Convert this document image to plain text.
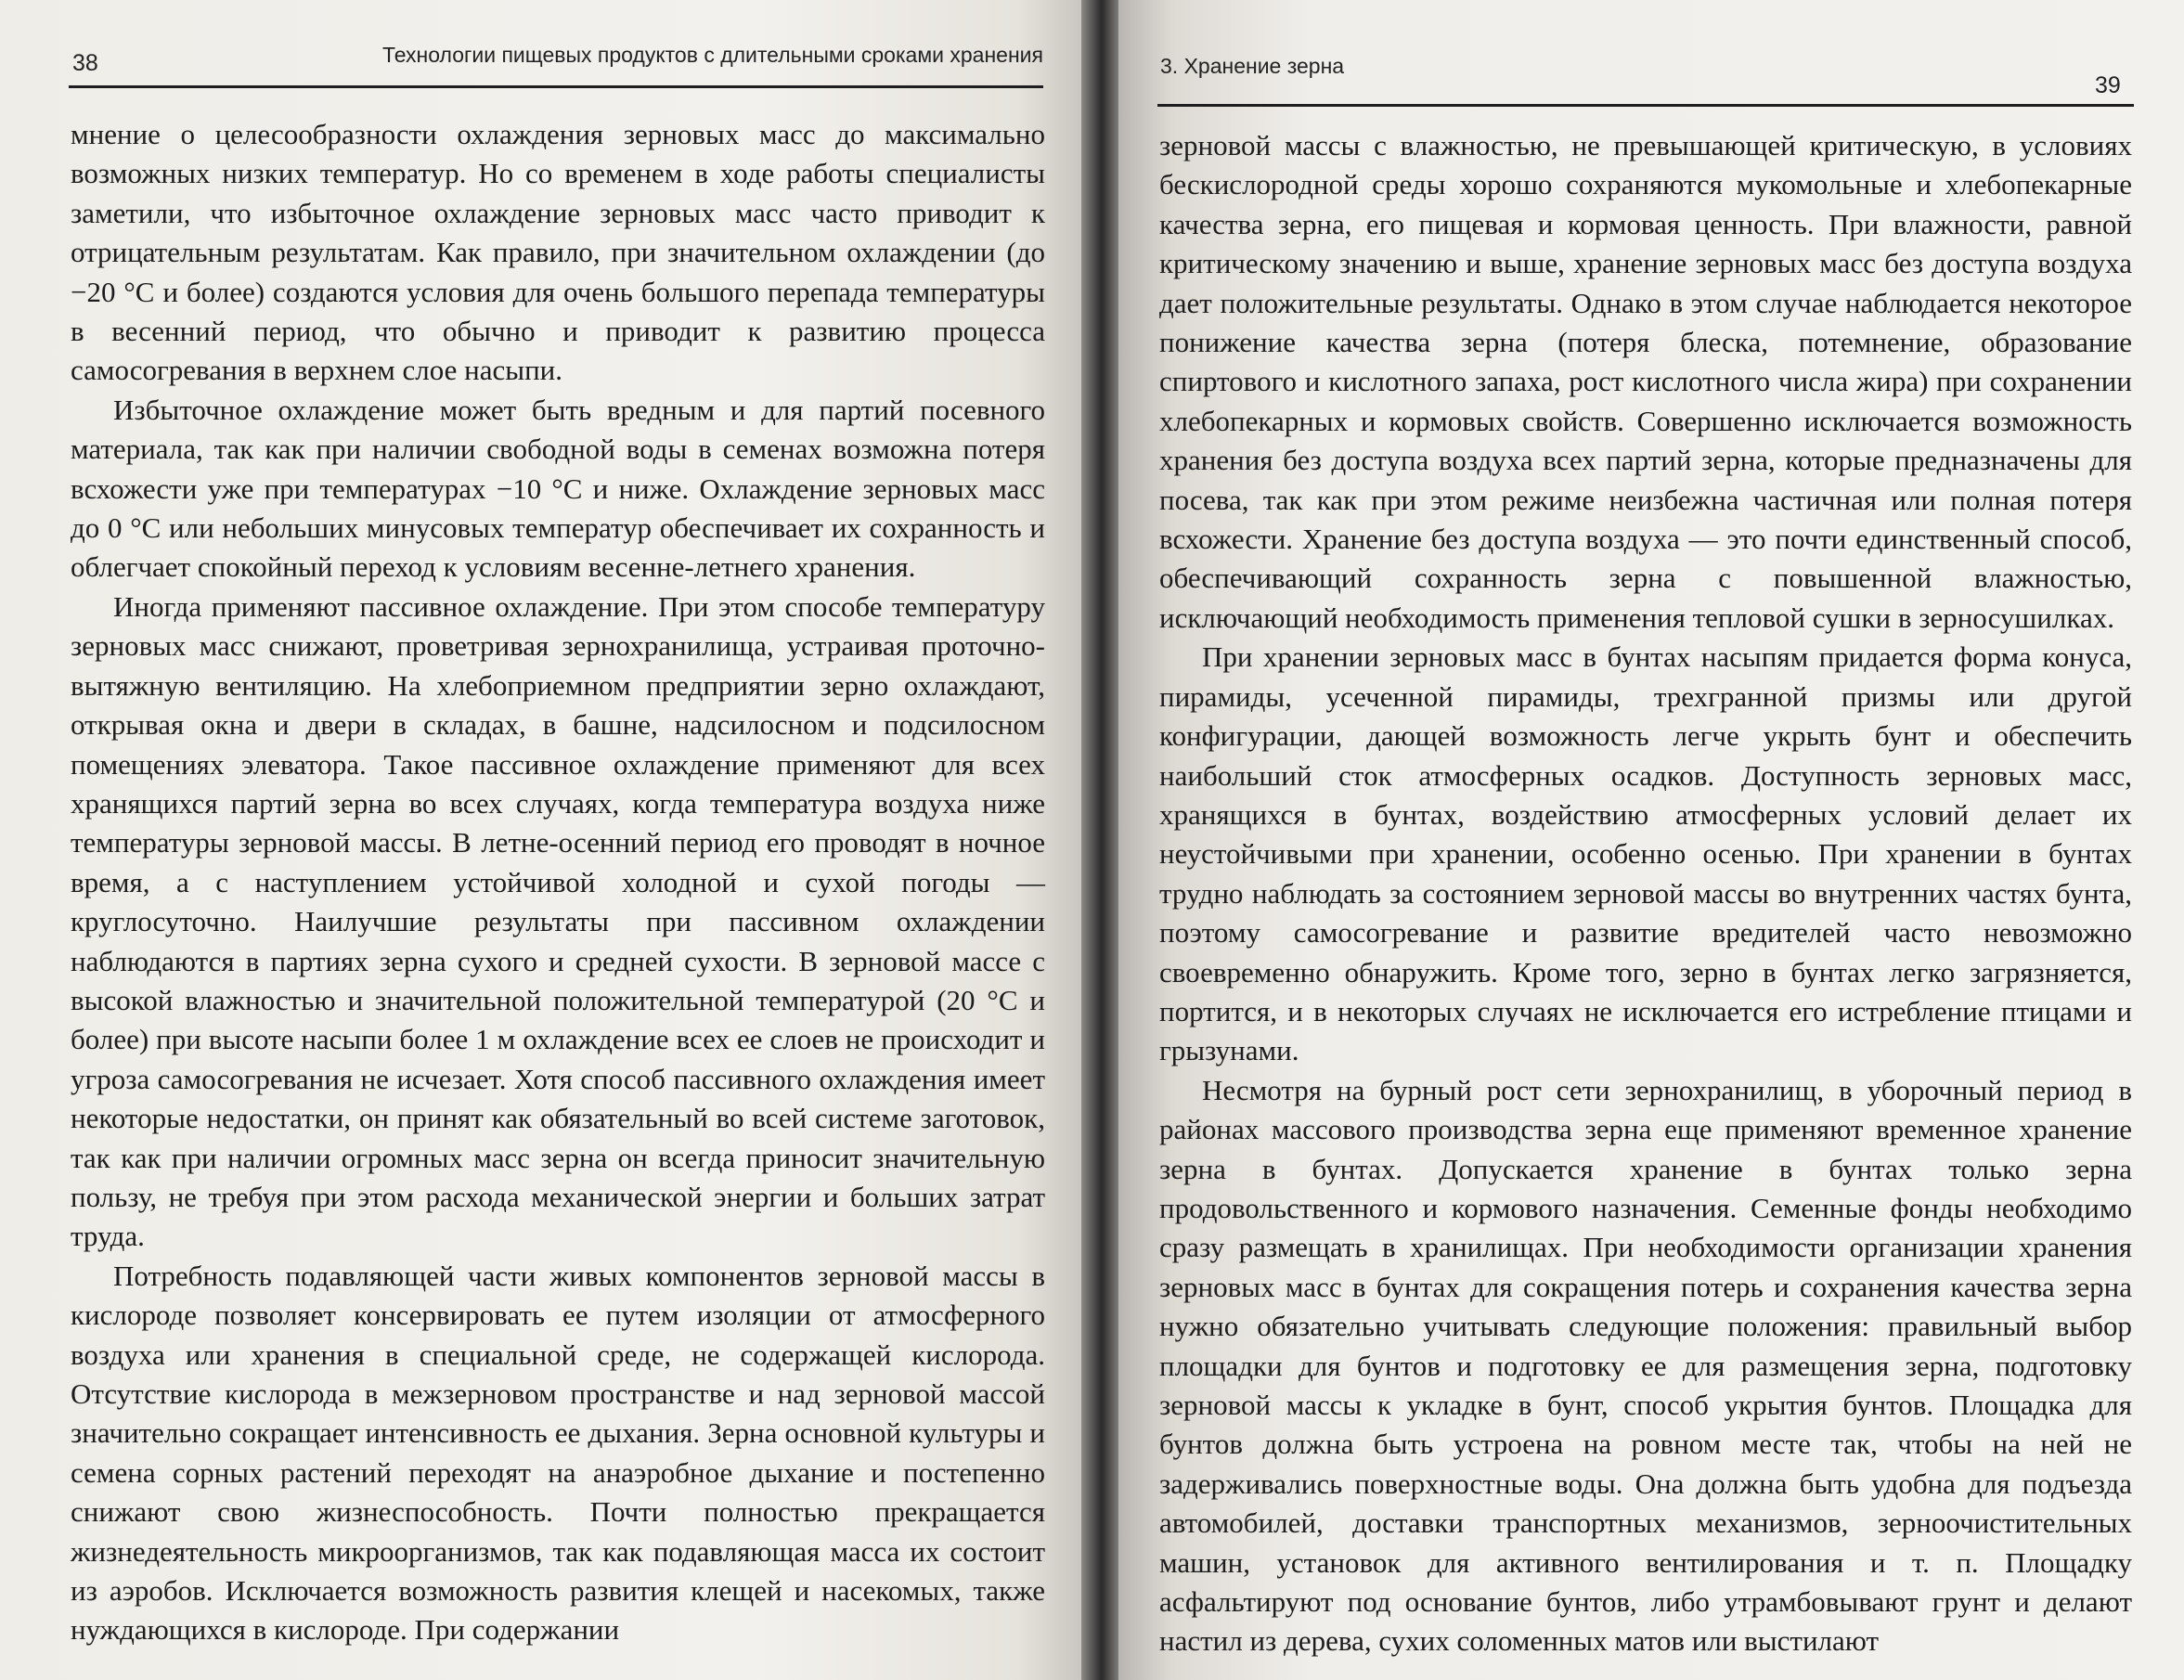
38	Технологии пищевых продуктов с длительными сроками хранения

мнение о целесообразности охлаждения зерновых масс до максимально возможных низких температур. Но со временем в ходе работы специалисты заметили, что избыточное охлаждение зерновых масс часто приводит к отрицательным результатам. Как правило, при значительном охлаждении (до −20 °С и более) создаются условия для очень большого перепада температуры в весенний период, что обычно и приводит к развитию процесса самосогревания в верхнем слое насыпи.

Избыточное охлаждение может быть вредным и для партий посевного материала, так как при наличии свободной воды в семенах возможна потеря всхожести уже при температурах −10 °С и ниже. Охлаждение зерновых масс до 0 °С или небольших минусовых температур обеспечивает их сохранность и облегчает спокойный переход к условиям весенне-летнего хранения.

Иногда применяют пассивное охлаждение. При этом способе температуру зерновых масс снижают, проветривая зернохранилища, устраивая проточно-вытяжную вентиляцию. На хлебоприемном предприятии зерно охлаждают, открывая окна и двери в складах, в башне, надсилосном и подсилосном помещениях элеватора. Такое пассивное охлаждение применяют для всех хранящихся партий зерна во всех случаях, когда температура воздуха ниже температуры зерновой массы. В летне-осенний период его проводят в ночное время, а с наступлением устойчивой холодной и сухой погоды — круглосуточно. Наилучшие результаты при пассивном охлаждении наблюдаются в партиях зерна сухого и средней сухости. В зерновой массе с высокой влажностью и значительной положительной температурой (20 °С и более) при высоте насыпи более 1 м охлаждение всех ее слоев не происходит и угроза самосогревания не исчезает. Хотя способ пассивного охлаждения имеет некоторые недостатки, он принят как обязательный во всей системе заготовок, так как при наличии огромных масс зерна он всегда приносит значительную пользу, не требуя при этом расхода механической энергии и больших затрат труда.

Потребность подавляющей части живых компонентов зерновой массы в кислороде позволяет консервировать ее путем изоляции от атмосферного воздуха или хранения в специальной среде, не содержащей кислорода. Отсутствие кислорода в межзерновом пространстве и над зерновой массой значительно сокращает интенсивность ее дыхания. Зерна основной культуры и семена сорных растений переходят на анаэробное дыхание и постепенно снижают свою жизнеспособность. Почти полностью прекращается жизнедеятельность микроорганизмов, так как подавляющая масса их состоит из аэробов. Исключается возможность развития клещей и насекомых, также нуждающихся в кислороде. При содержании

3. Хранение зерна
39

зерновой массы с влажностью, не превышающей критическую, в условиях бескислородной среды хорошо сохраняются мукомольные и хлебопекарные качества зерна, его пищевая и кормовая ценность. При влажности, равной критическому значению и выше, хранение зерновых масс без доступа воздуха дает положительные результаты. Однако в этом случае наблюдается некоторое понижение качества зерна (потеря блеска, потемнение, образование спиртового и кислотного запаха, рост кислотного числа жира) при сохранении хлебопекарных и кормовых свойств. Совершенно исключается возможность хранения без доступа воздуха всех партий зерна, которые предназначены для посева, так как при этом режиме неизбежна частичная или полная потеря всхожести. Хранение без доступа воздуха — это почти единственный способ, обеспечивающий сохранность зерна с повышенной влажностью, исключающий необходимость применения тепловой сушки в зерносушилках.

При хранении зерновых масс в бунтах насыпям придается форма конуса, пирамиды, усеченной пирамиды, трехгранной призмы или другой конфигурации, дающей возможность легче укрыть бунт и обеспечить наибольший сток атмосферных осадков. Доступность зерновых масс, хранящихся в бунтах, воздействию атмосферных условий делает их неустойчивыми при хранении, особенно осенью. При хранении в бунтах трудно наблюдать за состоянием зерновой массы во внутренних частях бунта, поэтому самосогревание и развитие вредителей часто невозможно своевременно обнаружить. Кроме того, зерно в бунтах легко загрязняется, портится, и в некоторых случаях не исключается его истребление птицами и грызунами.

Несмотря на бурный рост сети зернохранилищ, в уборочный период в районах массового производства зерна еще применяют временное хранение зерна в бунтах. Допускается хранение в бунтах только зерна продовольственного и кормового назначения. Семенные фонды необходимо сразу размещать в хранилищах. При необходимости организации хранения зерновых масс в бунтах для сокращения потерь и сохранения качества зерна нужно обязательно учитывать следующие положения: правильный выбор площадки для бунтов и подготовку ее для размещения зерна, подготовку зерновой массы к укладке в бунт, способ укрытия бунтов. Площадка для бунтов должна быть устроена на ровном месте так, чтобы на ней не задерживались поверхностные воды. Она должна быть удобна для подъезда автомобилей, доставки транспортных механизмов, зерноочистительных машин, установок для активного вентилирования и т. п. Площадку асфальтируют под основание бунтов, либо утрамбовывают грунт и делают настил из дерева, сухих соломенных матов или выстилают
